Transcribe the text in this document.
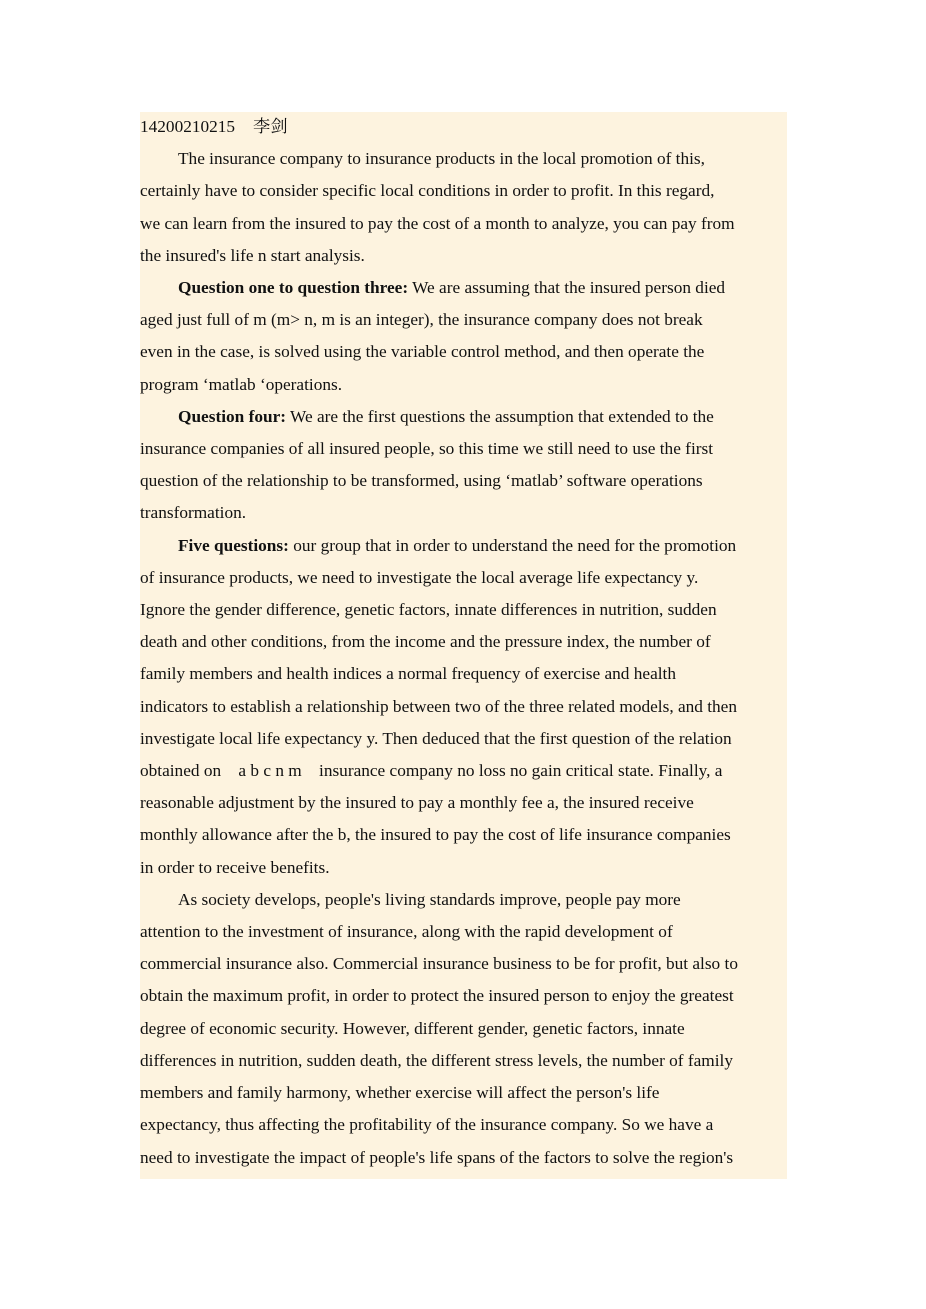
14200210215 李剑
The insurance company to insurance products in the local promotion of this,
certainly have to consider specific local conditions in order to profit. In this regard,
we can learn from the insured to pay the cost of a month to analyze, you can pay from
the insured's life n start analysis.
Question one to question three: We are assuming that the insured person died
aged just full of m (m> n, m is an integer), the insurance company does not break
even in the case, is solved using the variable control method, and then operate the
program ‘matlab ‘operations.
Question four: We are the first questions the assumption that extended to the
insurance companies of all insured people, so this time we still need to use the first
question of the relationship to be transformed, using ‘matlab’ software operations
transformation.
Five questions: our group that in order to understand the need for the promotion
of insurance products, we need to investigate the local average life expectancy y.
Ignore the gender difference, genetic factors, innate differences in nutrition, sudden
death and other conditions, from the income and the pressure index, the number of
family members and health indices a normal frequency of exercise and health
indicators to establish a relationship between two of the three related models, and then
investigate local life expectancy y. Then deduced that the first question of the relation
obtained on    a b c n m    insurance company no loss no gain critical state. Finally, a
reasonable adjustment by the insured to pay a monthly fee a, the insured receive
monthly allowance after the b, the insured to pay the cost of life insurance companies
in order to receive benefits.
As society develops, people's living standards improve, people pay more
attention to the investment of insurance, along with the rapid development of
commercial insurance also. Commercial insurance business to be for profit, but also to
obtain the maximum profit, in order to protect the insured person to enjoy the greatest
degree of economic security. However, different gender, genetic factors, innate
differences in nutrition, sudden death, the different stress levels, the number of family
members and family harmony, whether exercise will affect the person's life
expectancy, thus affecting the profitability of the insurance company. So we have a
need to investigate the impact of people's life spans of the factors to solve the region's
